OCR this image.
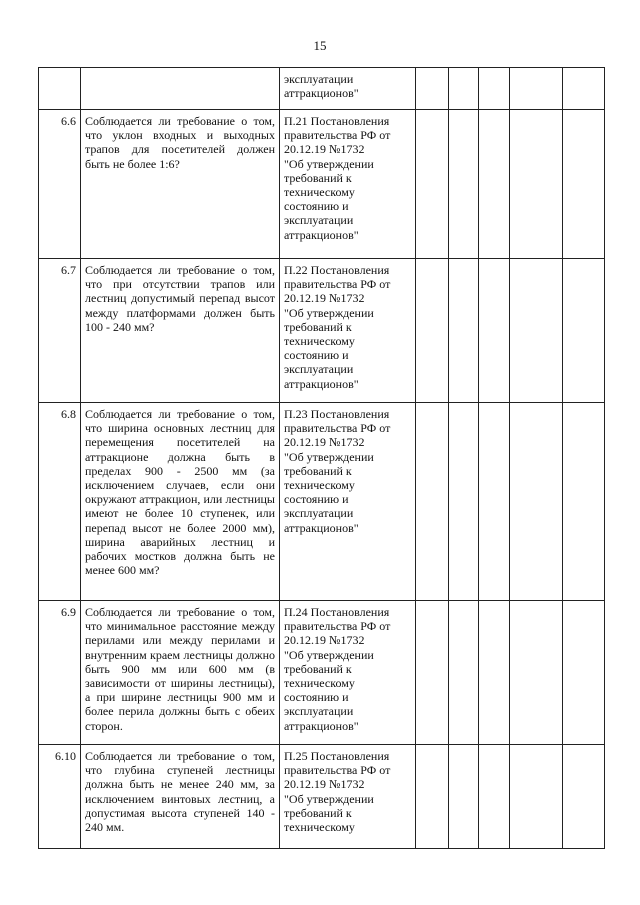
15
		эксплуатации
аттракционов"					
6.6	Соблюдается ли требование о том, что уклон входных и выходных трапов для посетителей должен быть не более 1:6?	П.21 Постановления правительства РФ от 20.12.19 №1732
"Об утверждении требований к техническому состоянию и эксплуатации аттракционов"					
6.7	Соблюдается ли требование о том, что при отсутствии трапов или лестниц допустимый перепад высот между платформами должен быть 100 - 240 мм?	П.22 Постановления правительства РФ от 20.12.19 №1732
"Об утверждении требований к техническому состоянию и эксплуатации аттракционов"					
6.8	Соблюдается ли требование о том, что ширина основных лестниц для перемещения посетителей на аттракционе должна быть в пределах 900 - 2500 мм (за исключением случаев, если они окружают аттракцион, или лестницы имеют не более 10 ступенек, или перепад высот не более 2000 мм), ширина аварийных лестниц и рабочих мостков должна быть не менее 600 мм?	П.23 Постановления правительства РФ от 20.12.19 №1732
"Об утверждении требований к техническому состоянию и эксплуатации аттракционов"					
6.9	Соблюдается ли требование о том, что минимальное расстояние между перилами или между перилами и внутренним краем лестницы должно быть 900 мм или 600 мм (в зависимости от ширины лестницы), а при ширине лестницы 900 мм и более перила должны быть с обеих сторон.	П.24 Постановления правительства РФ от 20.12.19 №1732
"Об утверждении требований к техническому состоянию и эксплуатации аттракционов"					
6.10	Соблюдается ли требование о том, что глубина ступеней лестницы должна быть не менее 240 мм, за исключением винтовых лестниц, а допустимая высота ступеней 140 - 240 мм.	П.25 Постановления правительства РФ от 20.12.19 №1732
"Об утверждении требований к техническому					
